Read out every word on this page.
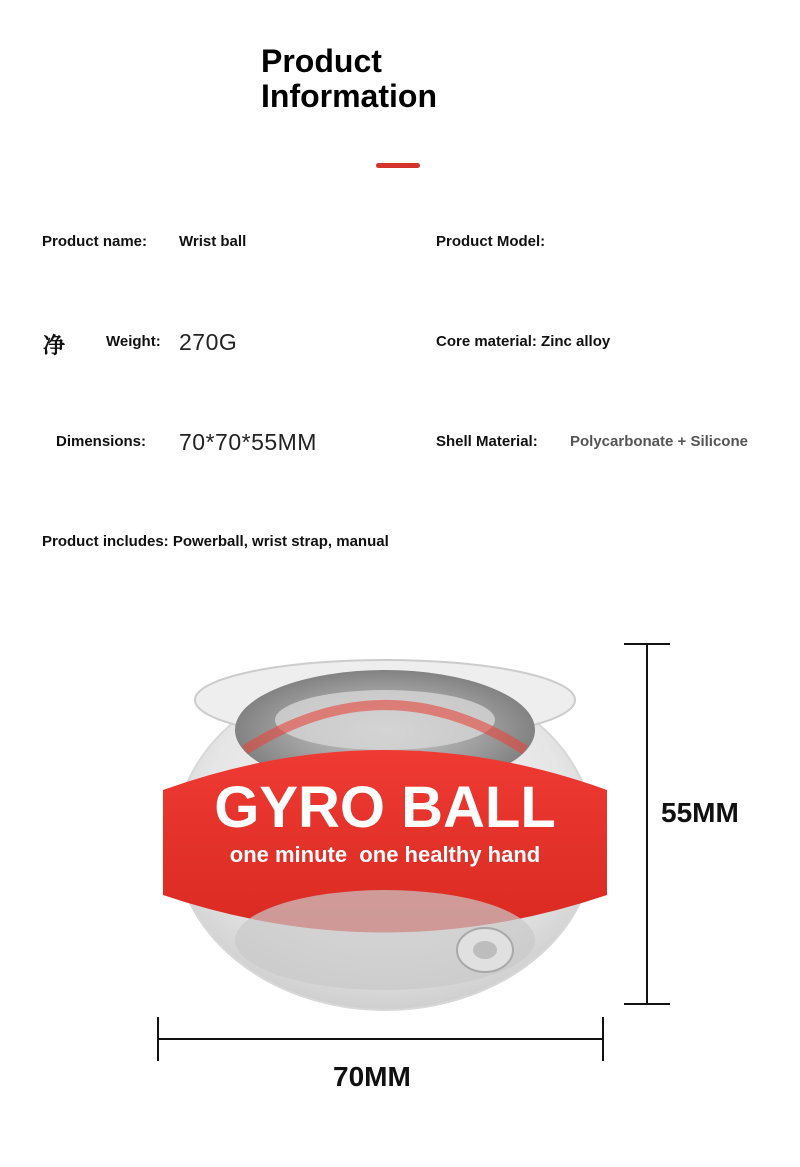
Product
Information
Product name: Wrist ball	Product Model:
净	Weight: 270G	Core material: Zinc alloy
Dimensions: 70*70*55MM	Shell Material: Polycarbonate + Silicone
Product includes: Powerball, wrist strap, manual
GYRO BALL
one minute  one healthy hand
55MM
70MM
